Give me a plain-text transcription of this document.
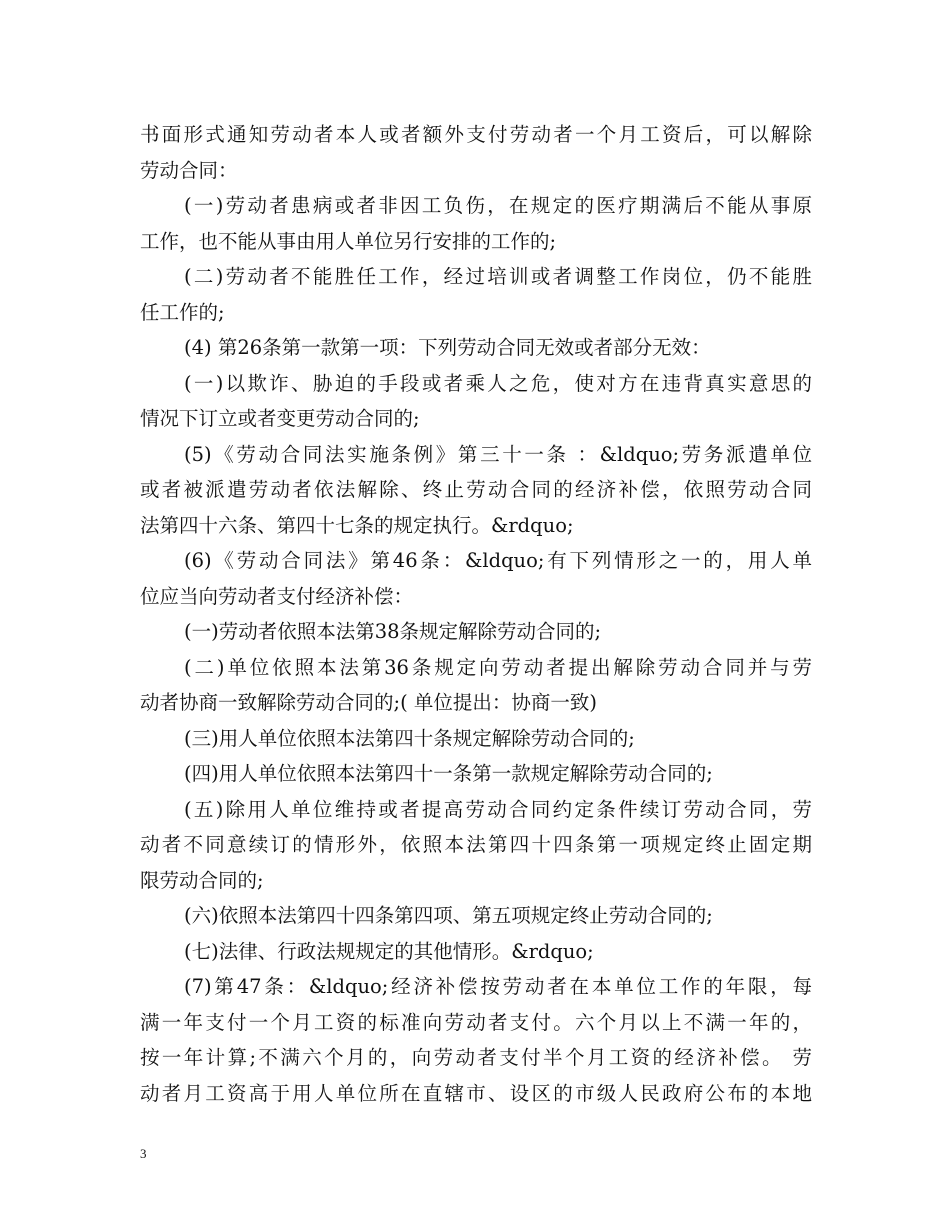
书面形式通知劳动者本人或者额外支付劳动者一个月工资后，可以解除
劳动合同：
(一)劳动者患病或者非因工负伤，在规定的医疗期满后不能从事原
工作，也不能从事由用人单位另行安排的工作的;
(二)劳动者不能胜任工作，经过培训或者调整工作岗位，仍不能胜
任工作的;
(4) 第26条第一款第一项：下列劳动合同无效或者部分无效：
(一)以欺诈、胁迫的手段或者乘人之危，使对方在违背真实意思的
情况下订立或者变更劳动合同的;
(5)《劳动合同法实施条例》第三十一条 ：&ldquo;劳务派遣单位
或者被派遣劳动者依法解除、终止劳动合同的经济补偿，依照劳动合同
法第四十六条、第四十七条的规定执行。&rdquo;
(6)《劳动合同法》第46条：&ldquo;有下列情形之一的，用人单
位应当向劳动者支付经济补偿：
(一)劳动者依照本法第38条规定解除劳动合同的;
(二)单位依照本法第36条规定向劳动者提出解除劳动合同并与劳
动者协商一致解除劳动合同的;( 单位提出：协商一致)
(三)用人单位依照本法第四十条规定解除劳动合同的;
(四)用人单位依照本法第四十一条第一款规定解除劳动合同的;
(五)除用人单位维持或者提高劳动合同约定条件续订劳动合同，劳
动者不同意续订的情形外，依照本法第四十四条第一项规定终止固定期
限劳动合同的;
(六)依照本法第四十四条第四项、第五项规定终止劳动合同的;
(七)法律、行政法规规定的其他情形。&rdquo;
(7)第47条：&ldquo;经济补偿按劳动者在本单位工作的年限，每
满一年支付一个月工资的标准向劳动者支付。六个月以上不满一年的，
按一年计算;不满六个月的，向劳动者支付半个月工资的经济补偿。 劳
动者月工资高于用人单位所在直辖市、设区的市级人民政府公布的本地
3
